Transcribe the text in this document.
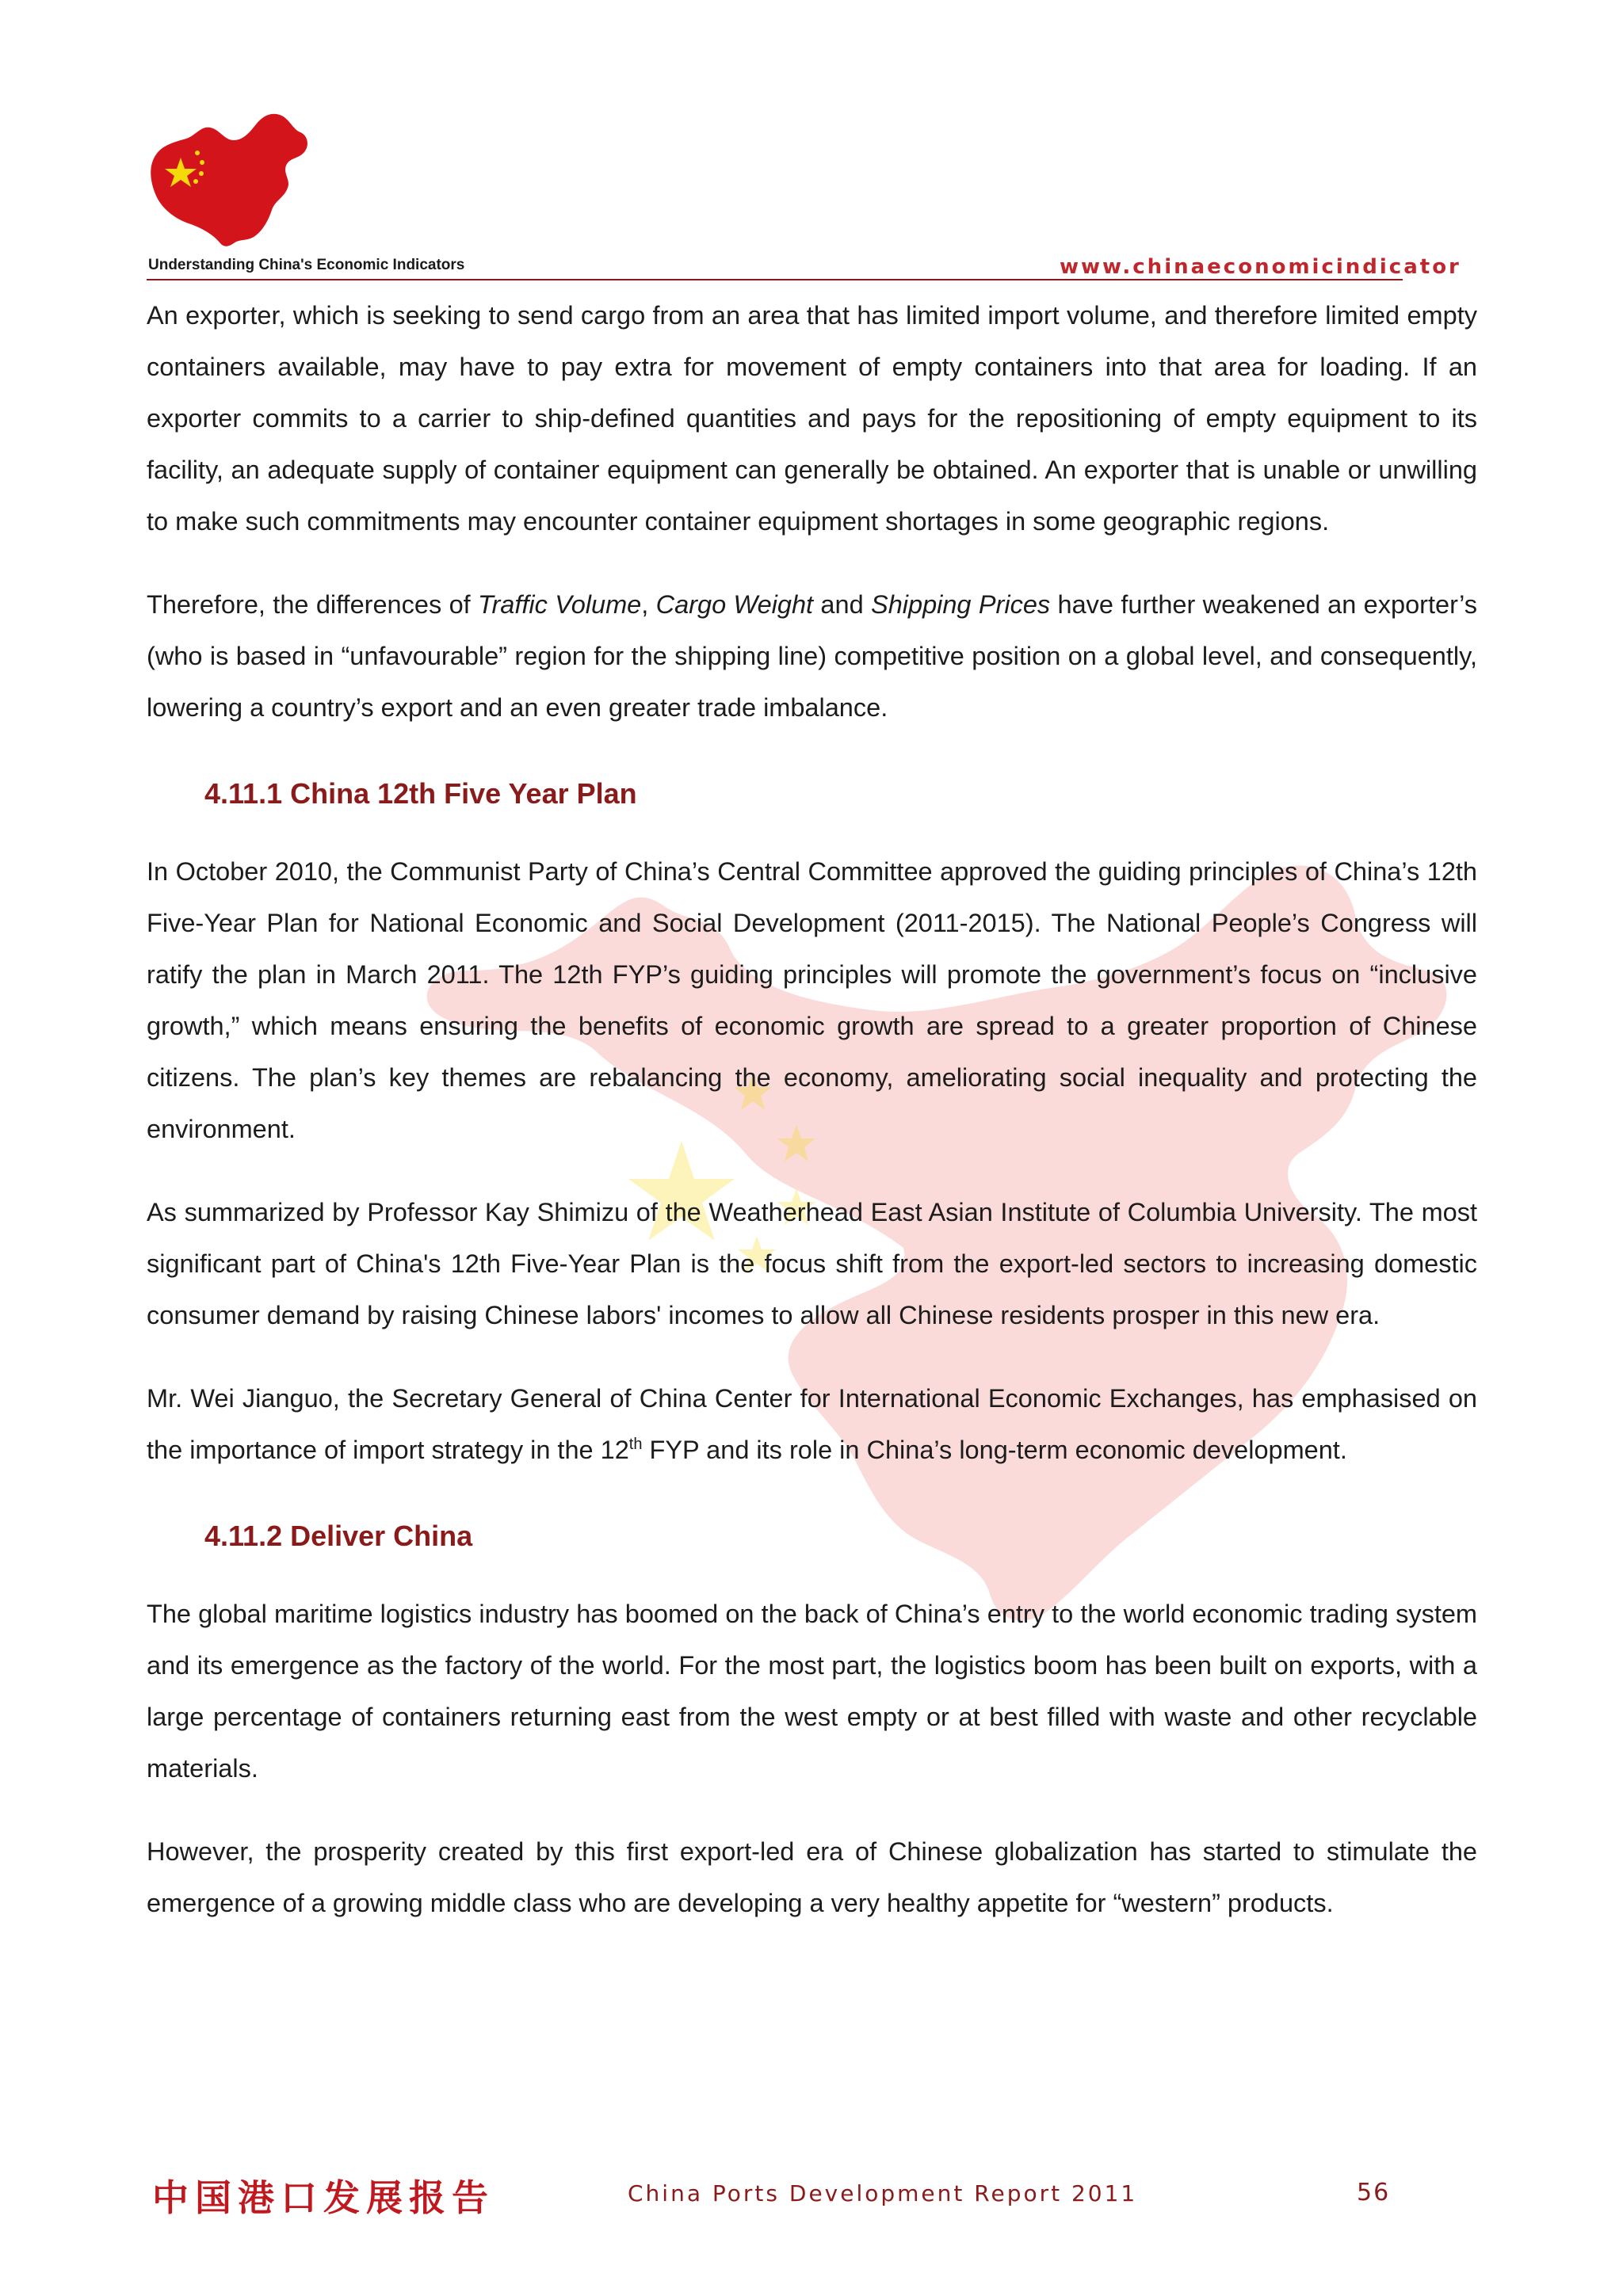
Understanding China's Economic Indicators	www.chinaeconomicindicator

An exporter, which is seeking to send cargo from an area that has limited import volume, and therefore limited empty containers available, may have to pay extra for movement of empty containers into that area for loading. If an exporter commits to a carrier to ship-defined quantities and pays for the repositioning of empty equipment to its facility, an adequate supply of container equipment can generally be obtained. An exporter that is unable or unwilling to make such commitments may encounter container equipment shortages in some geographic regions.

Therefore, the differences of Traffic Volume, Cargo Weight and Shipping Prices have further weakened an exporter’s (who is based in “unfavourable” region for the shipping line) competitive position on a global level, and consequently, lowering a country’s export and an even greater trade imbalance.

4.11.1 China 12th Five Year Plan

In October 2010, the Communist Party of China’s Central Committee approved the guiding principles of China’s 12th Five-Year Plan for National Economic and Social Development (2011-2015). The National People’s Congress will ratify the plan in March 2011. The 12th FYP’s guiding principles will promote the government’s focus on “inclusive growth,” which means ensuring the benefits of economic growth are spread to a greater proportion of Chinese citizens. The plan’s key themes are rebalancing the economy, ameliorating social inequality and protecting the environment.

As summarized by Professor Kay Shimizu of the Weatherhead East Asian Institute of Columbia University. The most significant part of China's 12th Five-Year Plan is the focus shift from the export-led sectors to increasing domestic consumer demand by raising Chinese labors' incomes to allow all Chinese residents prosper in this new era.

Mr. Wei Jianguo, the Secretary General of China Center for International Economic Exchanges, has emphasised on the importance of import strategy in the 12th FYP and its role in China’s long-term economic development.

4.11.2 Deliver China

The global maritime logistics industry has boomed on the back of China’s entry to the world economic trading system and its emergence as the factory of the world. For the most part, the logistics boom has been built on exports, with a large percentage of containers returning east from the west empty or at best filled with waste and other recyclable materials.

However, the prosperity created by this first export-led era of Chinese globalization has started to stimulate the emergence of a growing middle class who are developing a very healthy appetite for “western” products.

中国港口发展报告	China Ports Development Report 2011	56
